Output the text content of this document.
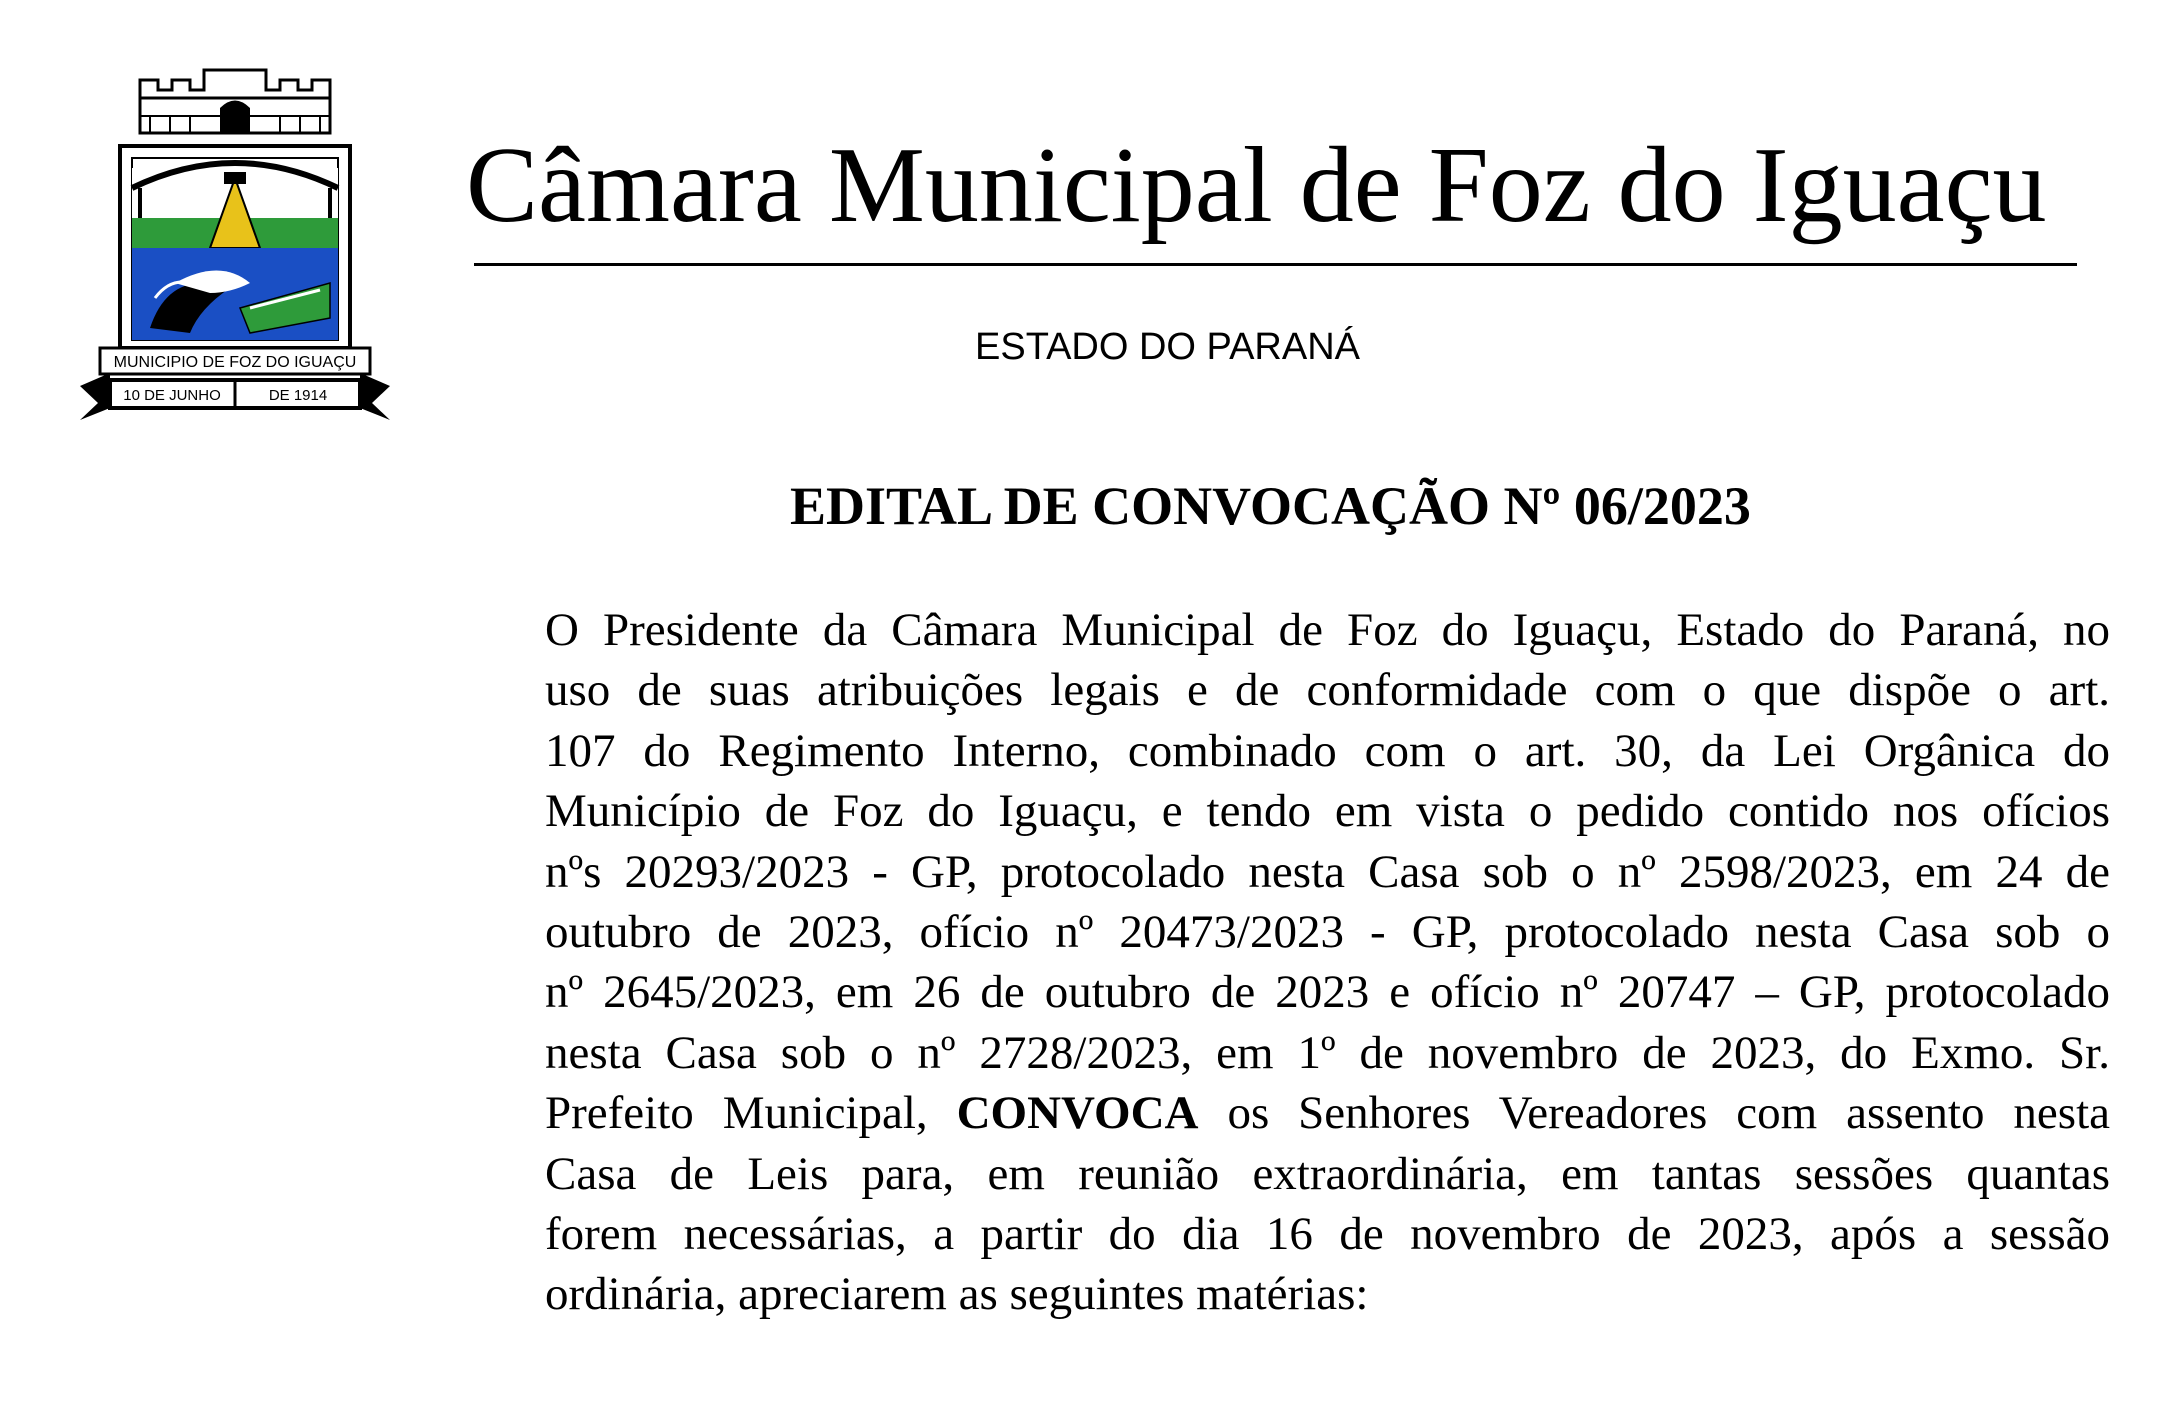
MUNICIPIO DE FOZ DO IGUAÇU
10 DE JUNHO	DE 1914
Câmara Municipal de Foz do Iguaçu
ESTADO DO PARANÁ
EDITAL DE CONVOCAÇÃO Nº 06/2023
O Presidente da Câmara Municipal de Foz do Iguaçu, Estado do Paraná, no
uso de suas atribuições legais e de conformidade com o que dispõe o art.
107 do Regimento Interno, combinado com o art. 30, da Lei Orgânica do
Município de Foz do Iguaçu, e tendo em vista o pedido contido nos ofícios
nºs 20293/2023 - GP, protocolado nesta Casa sob o nº 2598/2023, em 24 de
outubro de 2023, ofício nº 20473/2023 - GP, protocolado nesta Casa sob o
nº 2645/2023, em 26 de outubro de 2023 e ofício nº 20747 – GP, protocolado
nesta Casa sob o nº 2728/2023, em 1º de novembro de 2023, do Exmo. Sr.
Prefeito Municipal, CONVOCA os Senhores Vereadores com assento nesta
Casa de Leis para, em reunião extraordinária, em tantas sessões quantas
forem necessárias, a partir do dia 16 de novembro de 2023, após a sessão
ordinária, apreciarem as seguintes matérias:
